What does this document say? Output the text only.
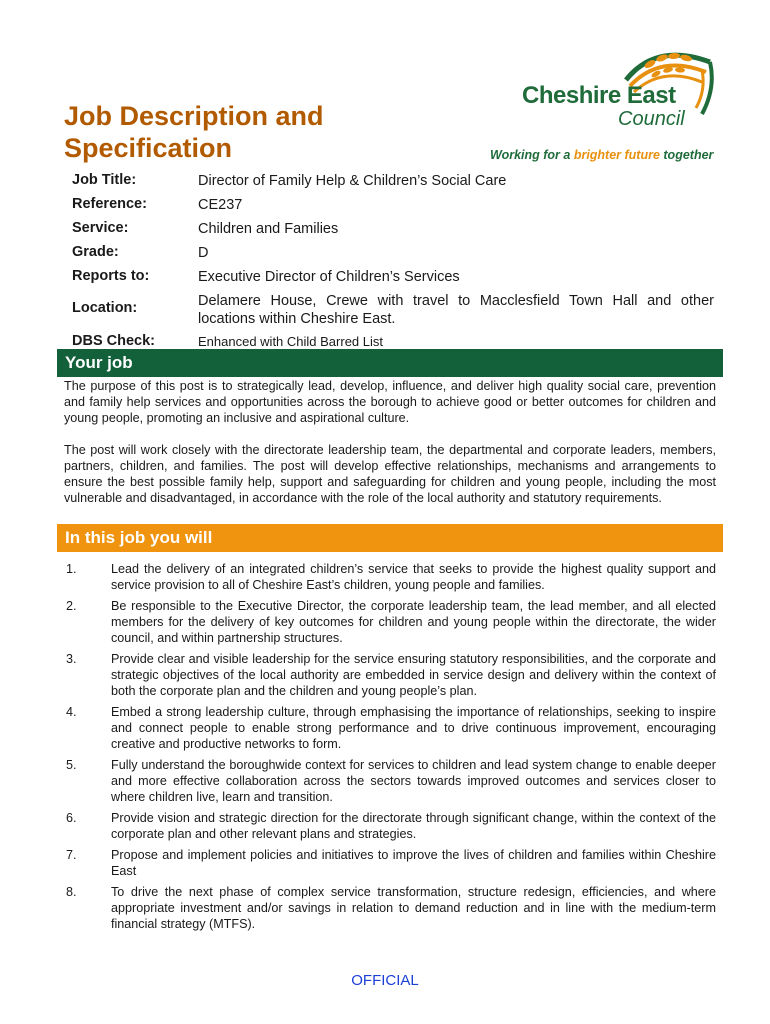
Job Description and
Specification
Cheshire East
Council
Working for a brighter future together
Job Title:	Director of Family Help & Children’s Social Care
Reference:	CE237
Service:	Children and Families
Grade:	D
Reports to:	Executive Director of Children’s Services
Location:	Delamere House, Crewe with travel to Macclesfield Town Hall and other locations within Cheshire East.
DBS Check:	Enhanced with Child Barred List
Your job
The purpose of this post is to strategically lead, develop, influence, and deliver high quality social care, prevention and family help services and opportunities across the borough to achieve good or better outcomes for children and young people, promoting an inclusive and aspirational culture.
The post will work closely with the directorate leadership team, the departmental and corporate leaders, members, partners, children, and families. The post will develop effective relationships, mechanisms and arrangements to ensure the best possible family help, support and safeguarding for children and young people, including the most vulnerable and disadvantaged, in accordance with the role of the local authority and statutory requirements.
In this job you will
1.	Lead the delivery of an integrated children’s service that seeks to provide the highest quality support and service provision to all of Cheshire East’s children, young people and families.
2.	Be responsible to the Executive Director, the corporate leadership team, the lead member, and all elected members for the delivery of key outcomes for children and young people within the directorate, the wider council, and within partnership structures.
3.	Provide clear and visible leadership for the service ensuring statutory responsibilities, and the corporate and strategic objectives of the local authority are embedded in service design and delivery within the context of both the corporate plan and the children and young people’s plan.
4.	Embed a strong leadership culture, through emphasising the importance of relationships, seeking to inspire and connect people to enable strong performance and to drive continuous improvement, encouraging creative and productive networks to form.
5.	Fully understand the boroughwide context for services to children and lead system change to enable deeper and more effective collaboration across the sectors towards improved outcomes and services closer to where children live, learn and transition.
6.	Provide vision and strategic direction for the directorate through significant change, within the context of the corporate plan and other relevant plans and strategies.
7.	Propose and implement policies and initiatives to improve the lives of children and families within Cheshire East
8.	To drive the next phase of complex service transformation, structure redesign, efficiencies, and where appropriate investment and/or savings in relation to demand reduction and in line with the medium-term financial strategy (MTFS).
OFFICIAL
